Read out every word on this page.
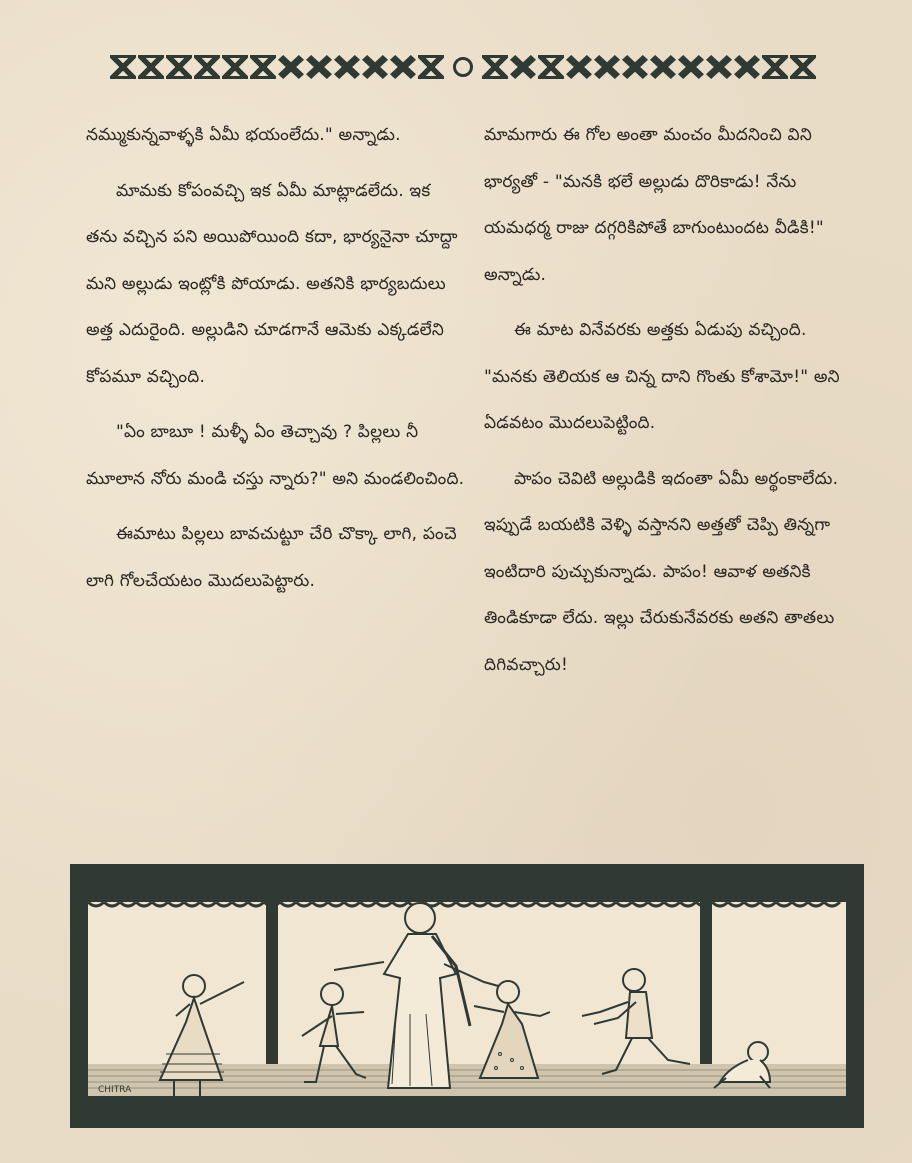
నమ్ముకున్నవాళ్ళకి ఏమీ భయంలేదు." అన్నాడు.

మామకు కోపంవచ్చి ఇక ఏమీ మాట్లాడలేదు. ఇక తను వచ్చిన పని అయిపోయింది కదా, భార్యనైనా చూద్దా మని అల్లుడు ఇంట్లోకి పోయాడు. అతనికి భార్యబదులు అత్త ఎదురైంది. అల్లుడిని చూడగానే ఆమెకు ఎక్కడలేని కోపమూ వచ్చింది.

"ఏం బాబూ ! మళ్ళీ ఏం తెచ్చావు ? పిల్లలు నీ మూలాన నోరు మండి చస్తు న్నారు?" అని మండలించింది.

ఈమాటు పిల్లలు బావచుట్టూ చేరి చొక్కా లాగి, పంచె లాగి గోలచేయటం మొదలుపెట్టారు.

మామగారు ఈ గోల అంతా మంచం మీదనించి విని భార్యతో - "మనకి భలే అల్లుడు దొరికాడు! నేను యమధర్మ రాజు దగ్గరికిపోతే బాగుంటుందట వీడికి!" అన్నాడు.

ఈ మాట వినేవరకు అత్తకు ఏడుపు వచ్చింది. "మనకు తెలియక ఆ చిన్న దాని గొంతు కోశామో!" అని ఏడవటం మొదలుపెట్టింది.

పాపం చెవిటి అల్లుడికి ఇదంతా ఏమీ అర్థంకాలేదు. ఇప్పుడే బయటికి వెళ్ళి వస్తానని అత్తతో చెప్పి తిన్నగా ఇంటిదారి పుచ్చుకున్నాడు. పాపం! ఆవాళ అతనికి తిండికూడా లేదు. ఇల్లు చేరుకునేవరకు అతని తాతలు దిగివచ్చారు!

CHITRA
